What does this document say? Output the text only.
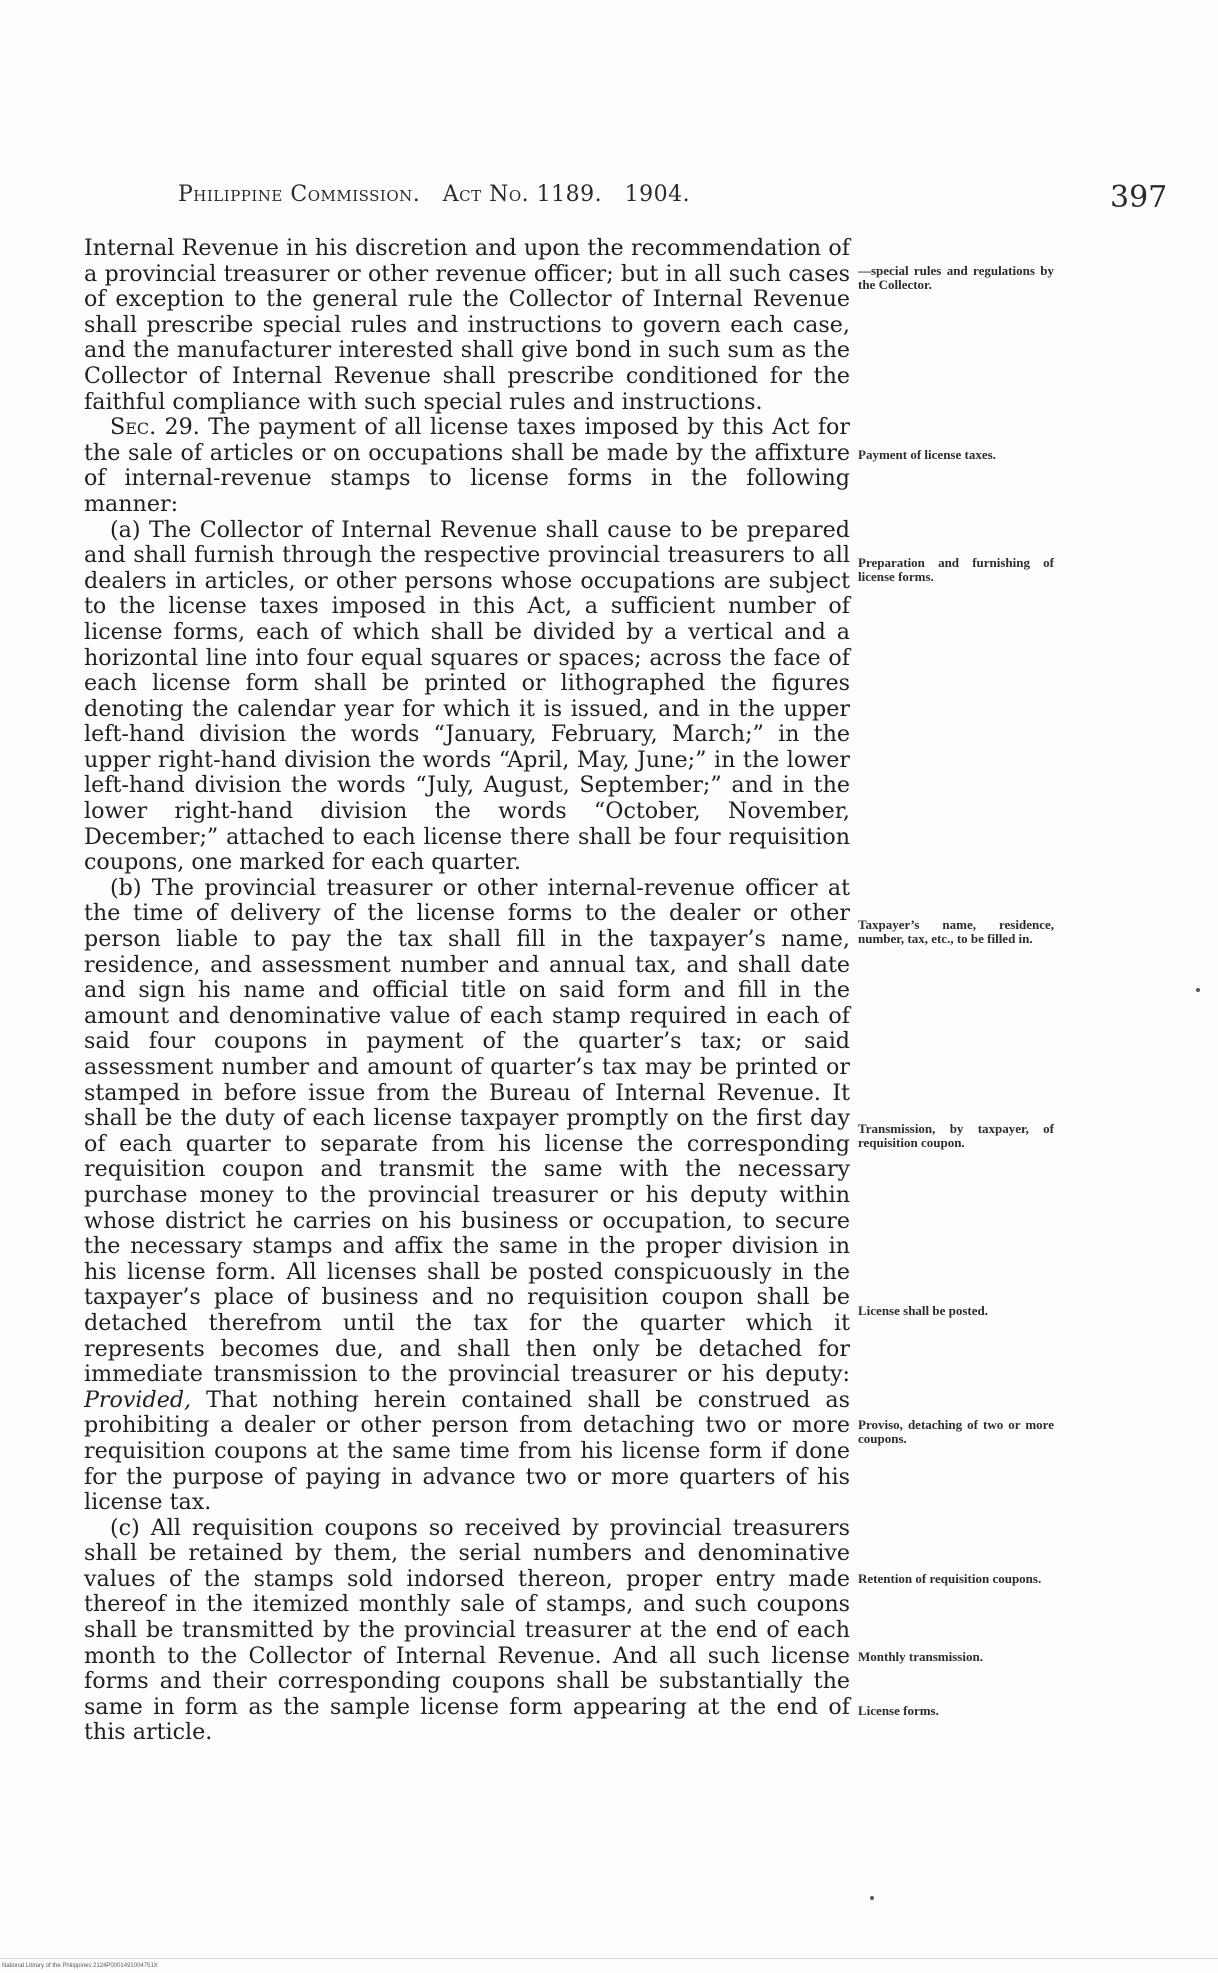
Philippine Commission. Act No. 1189. 1904.	397

Internal Revenue in his discretion and upon the recommendation of a provincial treasurer or other revenue officer; but in all such cases of exception to the general rule the Collector of Internal Revenue shall prescribe special rules and instructions to govern each case, and the manufacturer interested shall give bond in such sum as the Collector of Internal Revenue shall prescribe conditioned for the faithful compliance with such special rules and instructions.

Sec. 29. The payment of all license taxes imposed by this Act for the sale of articles or on occupations shall be made by the affixture of internal-revenue stamps to license forms in the following manner:

(a) The Collector of Internal Revenue shall cause to be prepared and shall furnish through the respective provincial treasurers to all dealers in articles, or other persons whose occupations are subject to the license taxes imposed in this Act, a sufficient number of license forms, each of which shall be divided by a vertical and a horizontal line into four equal squares or spaces; across the face of each license form shall be printed or lithographed the figures denoting the calendar year for which it is issued, and in the upper left-hand division the words “January, February, March;” in the upper right-hand division the words “April, May, June;” in the lower left-hand division the words “July, August, September;” and in the lower right-hand division the words “October, November, December;” attached to each license there shall be four requisition coupons, one marked for each quarter.

(b) The provincial treasurer or other internal-revenue officer at the time of delivery of the license forms to the dealer or other person liable to pay the tax shall fill in the taxpayer’s name, residence, and assessment number and annual tax, and shall date and sign his name and official title on said form and fill in the amount and denominative value of each stamp required in each of said four coupons in payment of the quarter’s tax; or said assessment number and amount of quarter’s tax may be printed or stamped in before issue from the Bureau of Internal Revenue. It shall be the duty of each license taxpayer promptly on the first day of each quarter to separate from his license the corresponding requisition coupon and transmit the same with the necessary purchase money to the provincial treasurer or his deputy within whose district he carries on his business or occupation, to secure the necessary stamps and affix the same in the proper division in his license form. All licenses shall be posted conspicuously in the taxpayer’s place of business and no requisition coupon shall be detached therefrom until the tax for the quarter which it represents becomes due, and shall then only be detached for immediate transmission to the provincial treasurer or his deputy: Provided, That nothing herein contained shall be construed as prohibiting a dealer or other person from detaching two or more requisition coupons at the same time from his license form if done for the purpose of paying in advance two or more quarters of his license tax.

(c) All requisition coupons so received by provincial treasurers shall be retained by them, the serial numbers and denominative values of the stamps sold indorsed thereon, proper entry made thereof in the itemized monthly sale of stamps, and such coupons shall be transmitted by the provincial treasurer at the end of each month to the Collector of Internal Revenue. And all such license forms and their corresponding coupons shall be substantially the same in form as the sample license form appearing at the end of this article.

—special rules and regulations by the Collector.
Payment of license taxes.
Preparation and furnishing of license forms.
Taxpayer’s name, residence, number, tax, etc., to be filled in.
Transmission, by taxpayer, of requisition coupon.
License shall be posted.
Proviso, detaching of two or more coupons.
Retention of requisition coupons.
Monthly transmission.
License forms.
National Library of the Philippines 2124P0001491004751X
